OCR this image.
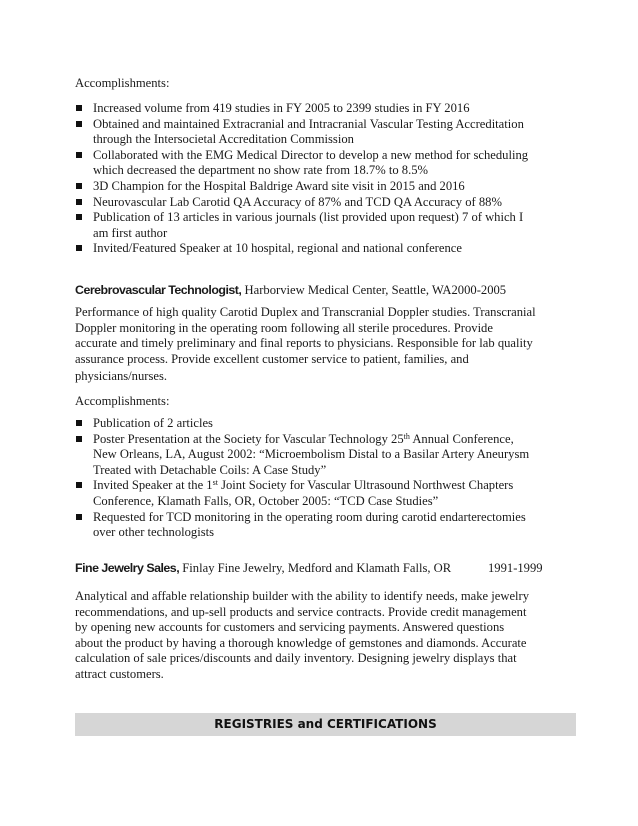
Accomplishments:

Increased volume from 419 studies in FY 2005 to 2399 studies in FY 2016
Obtained and maintained Extracranial and Intracranial Vascular Testing Accreditation
through the Intersocietal Accreditation Commission
Collaborated with the EMG Medical Director to develop a new method for scheduling
which decreased the department no show rate from 18.7% to 8.5%
3D Champion for the Hospital Baldrige Award site visit in 2015 and 2016
Neurovascular Lab Carotid QA Accuracy of 87% and TCD QA Accuracy of 88%
Publication of 13 articles in various journals (list provided upon request) 7 of which I
am first author
Invited/Featured Speaker at 10 hospital, regional and national conference
Cerebrovascular Technologist, Harborview Medical Center, Seattle, WA2000-2005

Performance of high quality Carotid Duplex and Transcranial Doppler studies. Transcranial

Doppler monitoring in the operating room following all sterile procedures. Provide

accurate and timely preliminary and final reports to physicians. Responsible for lab quality

assurance process. Provide excellent customer service to patient, families, and

physicians/nurses.

Accomplishments:

Publication of 2 articles
Poster Presentation at the Society for Vascular Technology 25th Annual Conference,
New Orleans, LA, August 2002: “Microembolism Distal to a Basilar Artery Aneurysm
Treated with Detachable Coils: A Case Study”
Invited Speaker at the 1st Joint Society for Vascular Ultrasound Northwest Chapters
Conference, Klamath Falls, OR, October 2005: “TCD Case Studies”
Requested for TCD monitoring in the operating room during carotid endarterectomies
over other technologists
Fine Jewelry Sales, Finlay Fine Jewelry, Medford and Klamath Falls, OR	1991-1999

Analytical and affable relationship builder with the ability to identify needs, make jewelry

recommendations, and up-sell products and service contracts. Provide credit management

by opening new accounts for customers and servicing payments. Answered questions

about the product by having a thorough knowledge of gemstones and diamonds. Accurate

calculation of sale prices/discounts and daily inventory. Designing jewelry displays that

attract customers.

REGISTRIES and CERTIFICATIONS
